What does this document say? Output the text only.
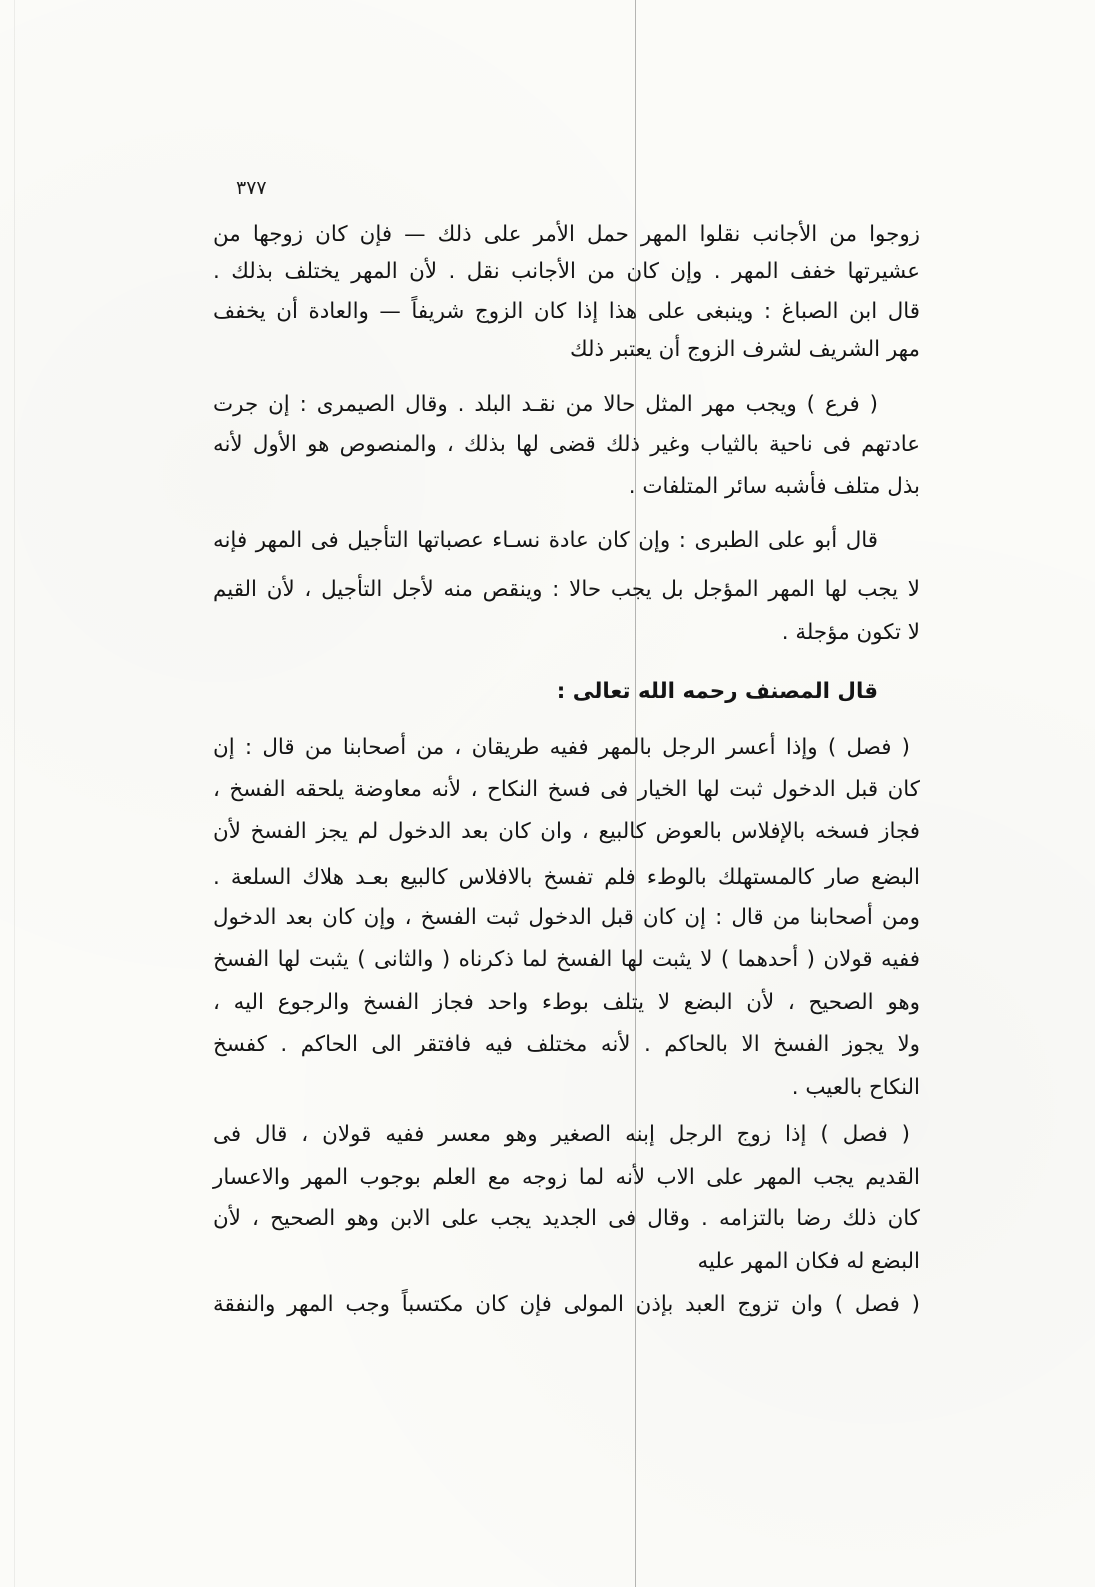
٣٧٧
زوجوا من الأجانب نقلوا المهر حمل الأمر على ذلك — فإن كان زوجها من
عشيرتها خفف المهر . وإن كان من الأجانب نقل . لأن المهر يختلف بذلك .
قال ابن الصباغ : وينبغى على هذا إذا كان الزوج شريفاً — والعادة أن يخفف
مهر الشريف لشرف الزوج أن يعتبر ذلك
( فرع ) ويجب مهر المثل حالا من نقـد البلد . وقال الصيمرى : إن جرت
عادتهم فى ناحية بالثياب وغير ذلك قضى لها بذلك ، والمنصوص هو الأول لأنه
بذل متلف فأشبه سائر المتلفات .
قال أبو على الطبرى : وإن كان عادة نسـاء عصباتها التأجيل فى المهر فإنه
لا يجب لها المهر المؤجل بل يجب حالا : وينقص منه لأجل التأجيل ، لأن القيم
لا تكون مؤجلة .
قال المصنف رحمه الله تعالى :
( فصل ) وإذا أعسر الرجل بالمهر ففيه طريقان ، من أصحابنا من قال : إن
كان قبل الدخول ثبت لها الخيار فى فسخ النكاح ، لأنه معاوضة يلحقه الفسخ ،
فجاز فسخه بالإفلاس بالعوض كالبيع ، وان كان بعد الدخول لم يجز الفسخ لأن
البضع صار كالمستهلك بالوطء فلم تفسخ بالافلاس كالبيع بعـد هلاك السلعة .
ومن أصحابنا من قال : إن كان قبل الدخول ثبت الفسخ ، وإن كان بعد الدخول
ففيه قولان ( أحدهما ) لا يثبت لها الفسخ لما ذكرناه ( والثانى ) يثبت لها الفسخ
وهو الصحيح ، لأن البضع لا يتلف بوطء واحد فجاز الفسخ والرجوع اليه ،
ولا يجوز الفسخ الا بالحاكم . لأنه مختلف فيه فافتقر الى الحاكم . كفسخ
النكاح بالعيب .
( فصل ) إذا زوج الرجل إبنه الصغير وهو معسر ففيه قولان ، قال فى
القديم يجب المهر على الاب لأنه لما زوجه مع العلم بوجوب المهر والاعسار
كان ذلك رضا بالتزامه . وقال فى الجديد يجب على الابن وهو الصحيح ، لأن
البضع له فكان المهر عليه
( فصل ) وان تزوج العبد بإذن المولى فإن كان مكتسباً وجب المهر والنفقة
